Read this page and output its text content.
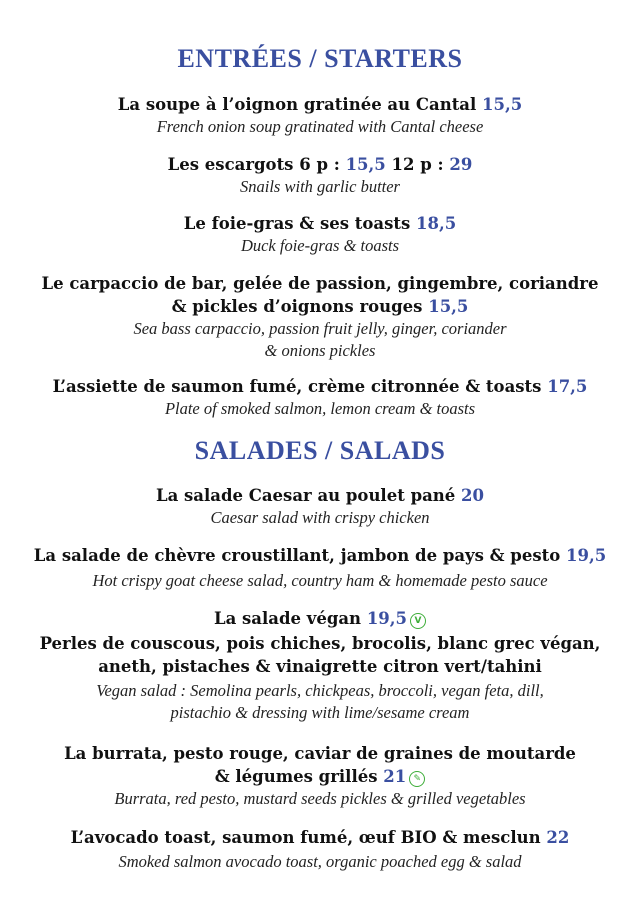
ENTRÉES / STARTERS
La soupe à l’oignon gratinée au Cantal 15,5
French onion soup gratinated with Cantal cheese
Les escargots 6 p : 15,5 12 p : 29
Snails with garlic butter
Le foie-gras & ses toasts 18,5
Duck foie-gras & toasts
Le carpaccio de bar, gelée de passion, gingembre, coriandre
& pickles d’oignons rouges 15,5
Sea bass carpaccio, passion fruit jelly, ginger, coriander
& onions pickles
L’assiette de saumon fumé, crème citronnée & toasts 17,5
Plate of smoked salmon, lemon cream & toasts
SALADES / SALADS
La salade Caesar au poulet pané 20
Caesar salad with crispy chicken
La salade de chèvre croustillant, jambon de pays & pesto 19,5
Hot crispy goat cheese salad, country ham & homemade pesto sauce
La salade végan 19,5 V
Perles de couscous, pois chiches, brocolis, blanc grec végan,
aneth, pistaches & vinaigrette citron vert/tahini
Vegan salad : Semolina pearls, chickpeas, broccoli, vegan feta, dill,
pistachio & dressing with lime/sesame cream
La burrata, pesto rouge, caviar de graines de moutarde
& légumes grillés 21 ✎
Burrata, red pesto, mustard seeds pickles & grilled vegetables
L’avocado toast, saumon fumé, œuf BIO & mesclun 22
Smoked salmon avocado toast, organic poached egg & salad
